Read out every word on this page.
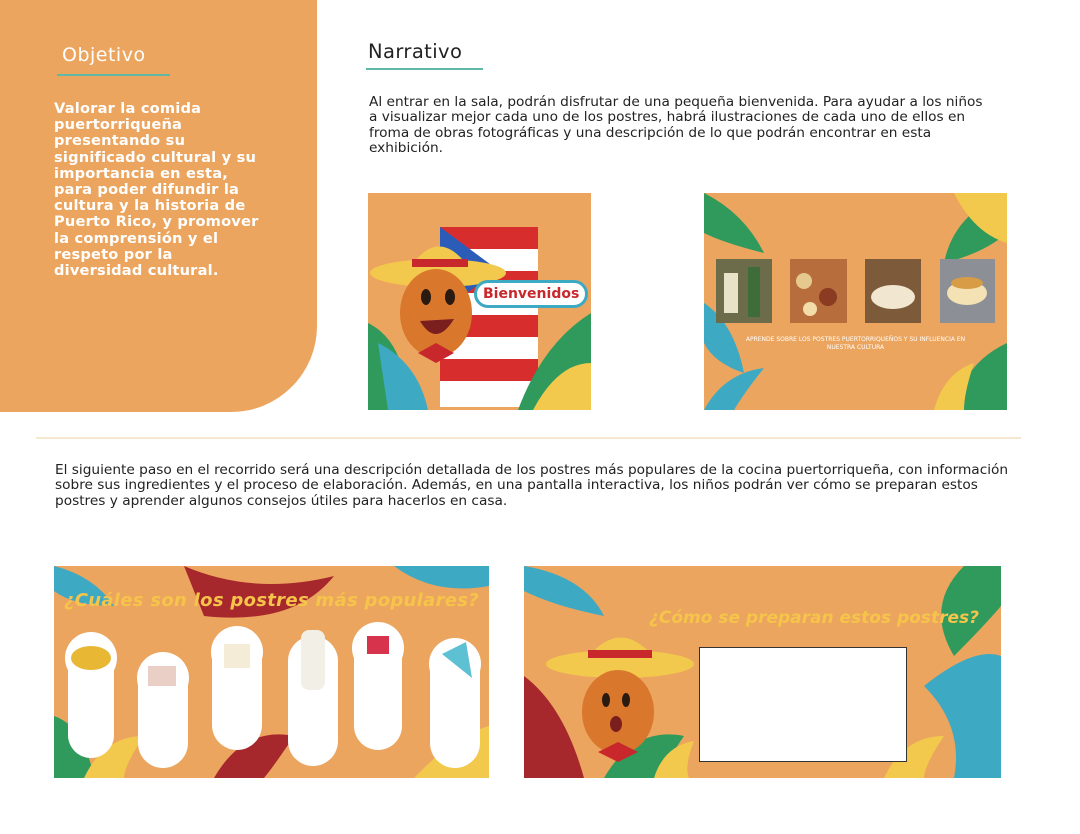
Objetivo
Valorar la comida puertorriqueña presentando su significado cultural y su importancia en esta, para poder difundir la cultura y la historia de Puerto Rico, y promover la comprensión y el respeto por la diversidad cultural.
Narrativo
Al entrar en la sala, podrán disfrutar de una pequeña bienvenida. Para ayudar a los niños a visualizar mejor cada uno de los postres, habrá ilustraciones de cada uno de ellos en froma de obras fotográficas y una descripción de lo que podrán encontrar en esta exhibición.
Bienvenidos
APRENDE SOBRE LOS POSTRES PUERTORRIQUEÑOS Y SU INFLUENCIA EN NUESTRA CULTURA
El siguiente paso en el recorrido será una descripción detallada de los postres más populares de la cocina puertorriqueña, con información sobre sus ingredientes y el proceso de elaboración. Además, en una pantalla interactiva, los niños podrán ver cómo se preparan estos postres y aprender algunos consejos útiles para hacerlos en casa.
¿Cuáles son los postres más populares?
¿Cómo se preparan estos postres?
